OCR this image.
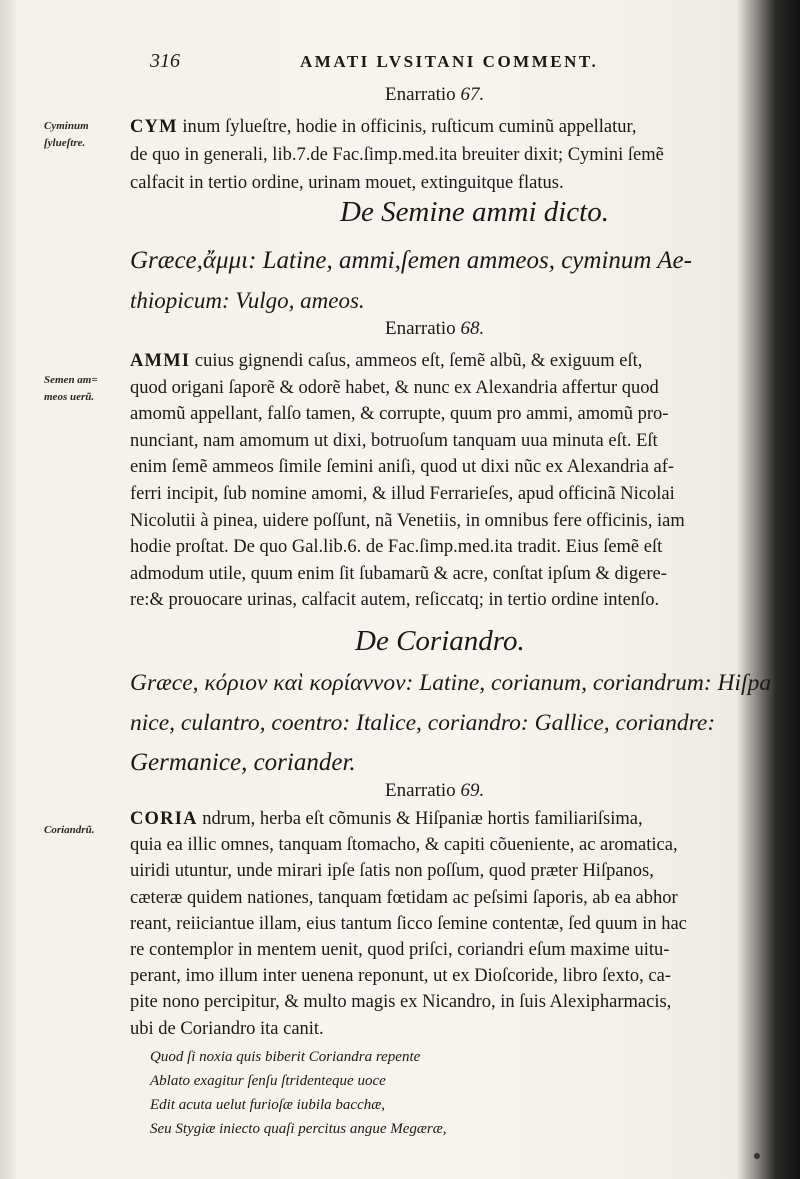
316	AMATI LVSITANI COMMENT.
Enarratio 67.
Cyminum
ſylueſtre.
CYM inum ſylueſtre, hodie in officinis, ruſticum cuminũ appellatur,
de quo in generali, lib.7.de Fac.ſimp.med.ita breuiter dixit; Cymini ſemẽ
calfacit in tertio ordine, urinam mouet, extinguitque flatus.
De Semine ammi dicto.
Græce,ἄμμι: Latine, ammi,ſemen ammeos, cyminum Ae-
thiopicum: Vulgo, ameos.
Enarratio 68.
Semen am=
meos uerũ.
AMMI cuius gignendi caſus, ammeos eſt, ſemẽ albũ, & exiguum eſt,
quod origani ſaporẽ & odorẽ habet, & nunc ex Alexandria affertur quod
amomũ appellant, falſo tamen, & corrupte, quum pro ammi, amomũ pro-
nunciant, nam amomum ut dixi, botruoſum tanquam uua minuta eſt. Eſt
enim ſemẽ ammeos ſimile ſemini aniſi, quod ut dixi nũc ex Alexandria af-
ferri incipit, ſub nomine amomi, & illud Ferrarieſes, apud officinã Nicolai
Nicolutii à pinea, uidere poſſunt, nã Venetiis, in omnibus fere officinis, iam
hodie proſtat. De quo Gal.lib.6. de Fac.ſimp.med.ita tradit. Eius ſemẽ eſt
admodum utile, quum enim ſit ſubamarũ & acre, conſtat ipſum & digere-
re:& prouocare urinas, calfacit autem, reſiccatq; in tertio ordine intenſo.
De Coriandro.
Græce, κόριον καὶ κορίαννον: Latine, corianum, coriandrum: Hiſpa
nice, culantro, coentro: Italice, coriandro: Gallice, coriandre:
Germanice, coriander.
Enarratio 69.
Coriandrũ.
CORIA ndrum, herba eſt cõmunis & Hiſpaniæ hortis familiariſsima,
quia ea illic omnes, tanquam ſtomacho, & capiti cõueniente, ac aromatica,
uiridi utuntur, unde mirari ipſe ſatis non poſſum, quod præter Hiſpanos,
cæteræ quidem nationes, tanquam fœtidam ac peſsimi ſaporis, ab ea abhor
reant, reiiciantue illam, eius tantum ſicco ſemine contentæ, ſed quum in hac
re contemplor in mentem uenit, quod priſci, coriandri eſum maxime uitu-
perant, imo illum inter uenena reponunt, ut ex Dioſcoride, libro ſexto, ca-
pite nono percipitur, & multo magis ex Nicandro, in ſuis Alexipharmacis,
ubi de Coriandro ita canit.
Quod ſi noxia quis biberit Coriandra repente
Ablato exagitur ſenſu ſtridenteque uoce
Edit acuta uelut furioſæ iubila bacchæ,
Seu Stygiæ iniecto quaſi percitus angue Megæræ,
